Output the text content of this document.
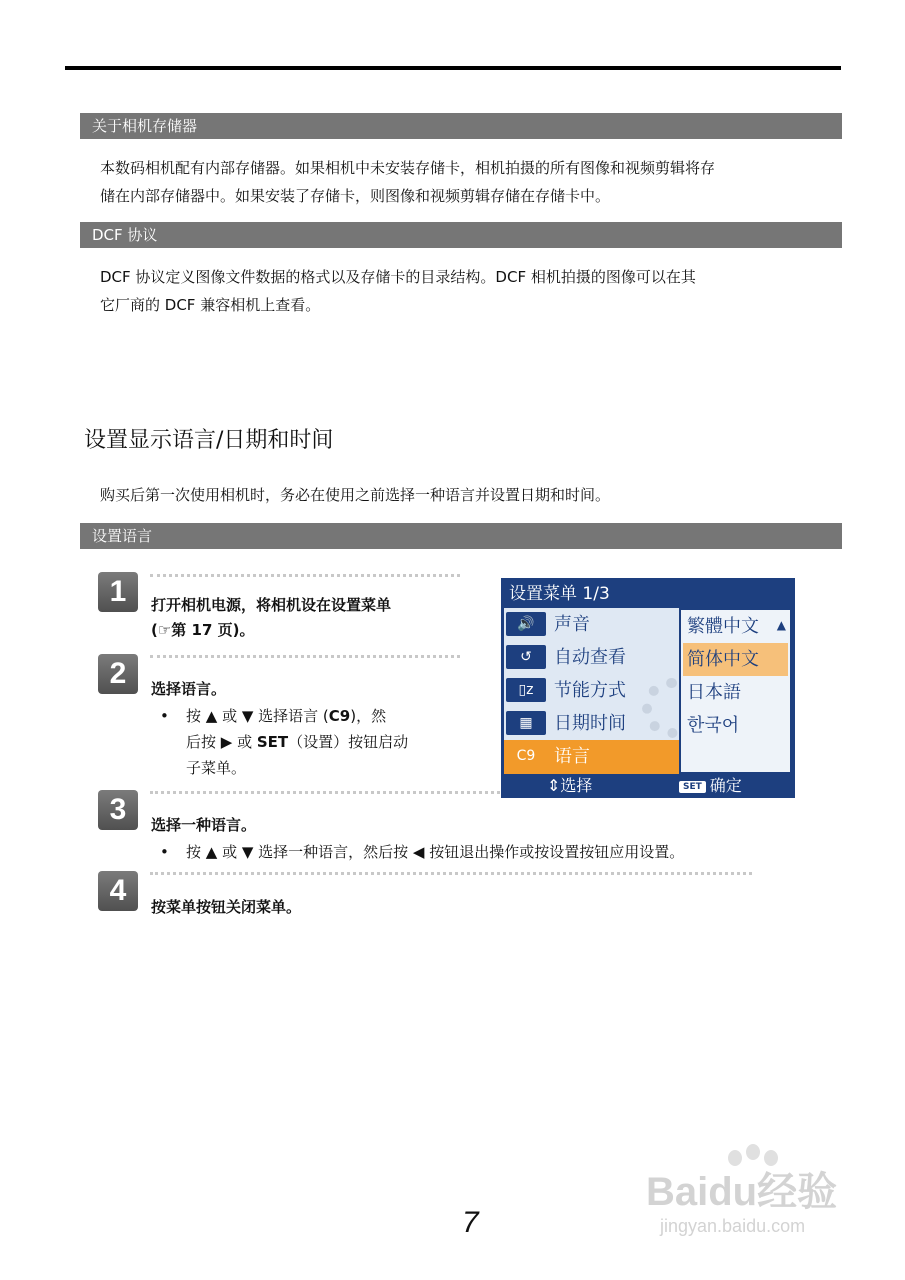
关于相机存储器
本数码相机配有内部存储器。如果相机中未安装存储卡，相机拍摄的所有图像和视频剪辑将存
储在内部存储器中。如果安装了存储卡，则图像和视频剪辑存储在存储卡中。
DCF 协议
DCF 协议定义图像文件数据的格式以及存储卡的目录结构。DCF 相机拍摄的图像可以在其
它厂商的 DCF 兼容相机上查看。
设置显示语言/日期和时间
购买后第一次使用相机时，务必在使用之前选择一种语言并设置日期和时间。
设置语言
1	打开相机电源，将相机设在设置菜单
(☞第 17 页)。
2	选择语言。
• 按 ▲ 或 ▼ 选择语言 (C9)，然
后按 ▶ 或 SET（设置）按钮启动
子菜单。
设置菜单 1/3
🔊	声音
↺	自动查看
▯z	节能方式
▦	日期时间
C9	语言
繁體中文	▲
简体中文
日本語
한국어
⇕选择	SET 确定
3	选择一种语言。
• 按 ▲ 或 ▼ 选择一种语言，然后按 ◀ 按钮退出操作或按设置按钮应用设置。
4	按菜单按钮关闭菜单。
7
Baidu经验
jingyan.baidu.com
